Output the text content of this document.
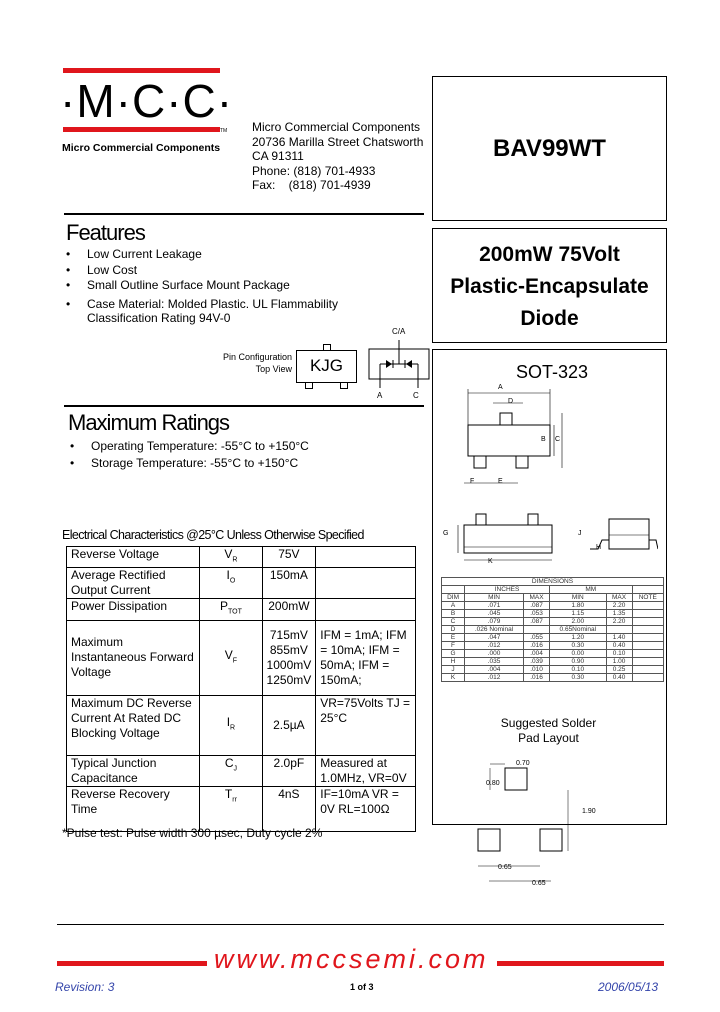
·M·C·C·
TM
Micro Commercial Components
Micro Commercial Components
20736 Marilla Street Chatsworth
CA 91311
Phone: (818) 701-4933
Fax:    (818) 701-4939
BAV99WT
200mW 75Volt
Plastic-Encapsulate
Diode
Features
•	Low Current Leakage
•	Low Cost
•	Small Outline Surface Mount Package
•	Case Material: Molded Plastic. UL Flammability Classification Rating 94V-0
Pin Configuration
Top View	KJG
C/A
A	C
Maximum Ratings
•	Operating Temperature: -55°C to +150°C
•	Storage Temperature: -55°C to +150°C
Electrical Characteristics @25°C Unless Otherwise Specified
Reverse Voltage	$V_R$	75V	
Average Rectified Output Current	$I_O$	150mA	
Power Dissipation	$P_{TOT}$	200mW	
Maximum Instantaneous Forward Voltage	$V_F$	715mV 855mV 1000mV 1250mV	IFM = 1mA; IFM = 10mA; IFM = 50mA; IFM = 150mA;
Maximum DC Reverse Current At Rated DC Blocking Voltage	$I_R$	2.5µA	VR=75Volts TJ = 25°C
Typical Junction Capacitance	$C_J$	2.0pF	Measured at 1.0MHz, VR=0V
Reverse Recovery Time	$T_{rr}$	4nS	IF=10mA VR = 0V RL=100Ω
*Pulse test: Pulse width 300 µsec, Duty cycle 2%
SOT-323
A
D
B C
F	E
G
K
J
H
DIMENSIONS					
	INCHES		MM		
DIM	MIN	MAX	MIN	MAX	NOTE
A	.071	.087	1.80	2.20	
B	.045	.053	1.15	1.35	
C	.079	.087	2.00	2.20	
D	.026 Nominal		0.65Nominal		
E	.047	.055	1.20	1.40	
F	.012	.016	0.30	0.40	
G	.000	.004	0.00	0.10	
H	.035	.039	0.90	1.00	
J	.004	.010	0.10	0.25	
K	.012	.016	0.30	0.40	
Suggested Solder
Pad Layout
0.70
0.80
1.90
0.65
0.65
www.mccsemi.com
Revision: 3	1 of 3	2006/05/13
